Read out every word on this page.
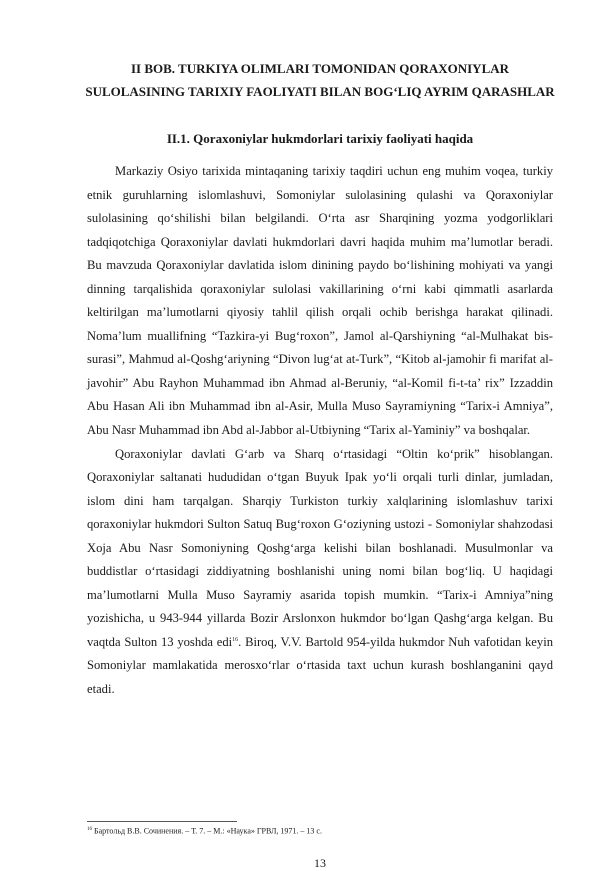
II BOB. TURKIYA OLIMLARI TOMONIDAN QORAXONIYLAR SULOLASINING TARIXIY FAOLIYATI BILAN BOG‘LIQ AYRIM QARASHLAR
II.1. Qoraxoniylar hukmdorlari tarixiy faoliyati haqida

Markaziy Osiyo tarixida mintaqaning tarixiy taqdiri uchun eng muhim voqea, turkiy etnik guruhlarning islomlashuvi, Somoniylar sulolasining qulashi va Qoraxoniylar sulolasining qo‘shilishi bilan belgilandi. O‘rta asr Sharqining yozma yodgorliklari tadqiqotchiga Qoraxoniylar davlati hukmdorlari davri haqida muhim ma’lumotlar beradi. Bu mavzuda Qoraxoniylar davlatida islom dinining paydo bo‘lishining mohiyati va yangi dinning tarqalishida qoraxoniylar sulolasi vakillarining o‘rni kabi qimmatli asarlarda keltirilgan ma’lumotlarni qiyosiy tahlil qilish orqali ochib berishga harakat qilinadi. Noma’lum muallifning “Tazkira-yi Bug‘roxon”, Jamol al-Qarshiyning “al-Mulhakat bis-surasi”, Mahmud al-Qoshg‘ariyning “Divon lug‘at at-Turk”, “Kitob al-jamohir fi marifat al-javohir” Abu Rayhon Muhammad ibn Ahmad al-Beruniy, “al-Komil fi-t-ta’ rix” Izzaddin Abu Hasan Ali ibn Muhammad ibn al-Asir, Mulla Muso Sayramiyning “Tarix-i Amniya”, Abu Nasr Muhammad ibn Abd al-Jabbor al-Utbiyning “Tarix al-Yaminiy” va boshqalar.

Qoraxoniylar davlati G‘arb va Sharq o‘rtasidagi “Oltin ko‘prik” hisoblangan. Qoraxoniylar saltanati hududidan o‘tgan Buyuk Ipak yo‘li orqali turli dinlar, jumladan, islom dini ham tarqalgan. Sharqiy Turkiston turkiy xalqlarining islomlashuv tarixi qoraxoniylar hukmdori Sulton Satuq Bug‘roxon G‘oziyning ustozi - Somoniylar shahzodasi Xoja Abu Nasr Somoniyning Qoshg‘arga kelishi bilan boshlanadi. Musulmonlar va buddistlar o‘rtasidagi ziddiyatning boshlanishi uning nomi bilan bog‘liq. U haqidagi ma’lumotlarni Mulla Muso Sayramiy asarida topish mumkin. “Tarix-i Amniya”ning yozishicha, u 943-944 yillarda Bozir Arslonxon hukmdor bo‘lgan Qashg‘arga kelgan. Bu vaqtda Sulton 13 yoshda edi$^{16}$. Biroq, V.V. Bartold 954-yilda hukmdor Nuh vafotidan keyin Somoniylar mamlakatida merosxo‘rlar o‘rtasida taxt uchun kurash boshlanganini qayd etadi.

$^{16}$ Бартольд В.В. Сочинения. – Т. 7. – М.: «Наука» ГРВЛ, 1971. – 13 с.

13
